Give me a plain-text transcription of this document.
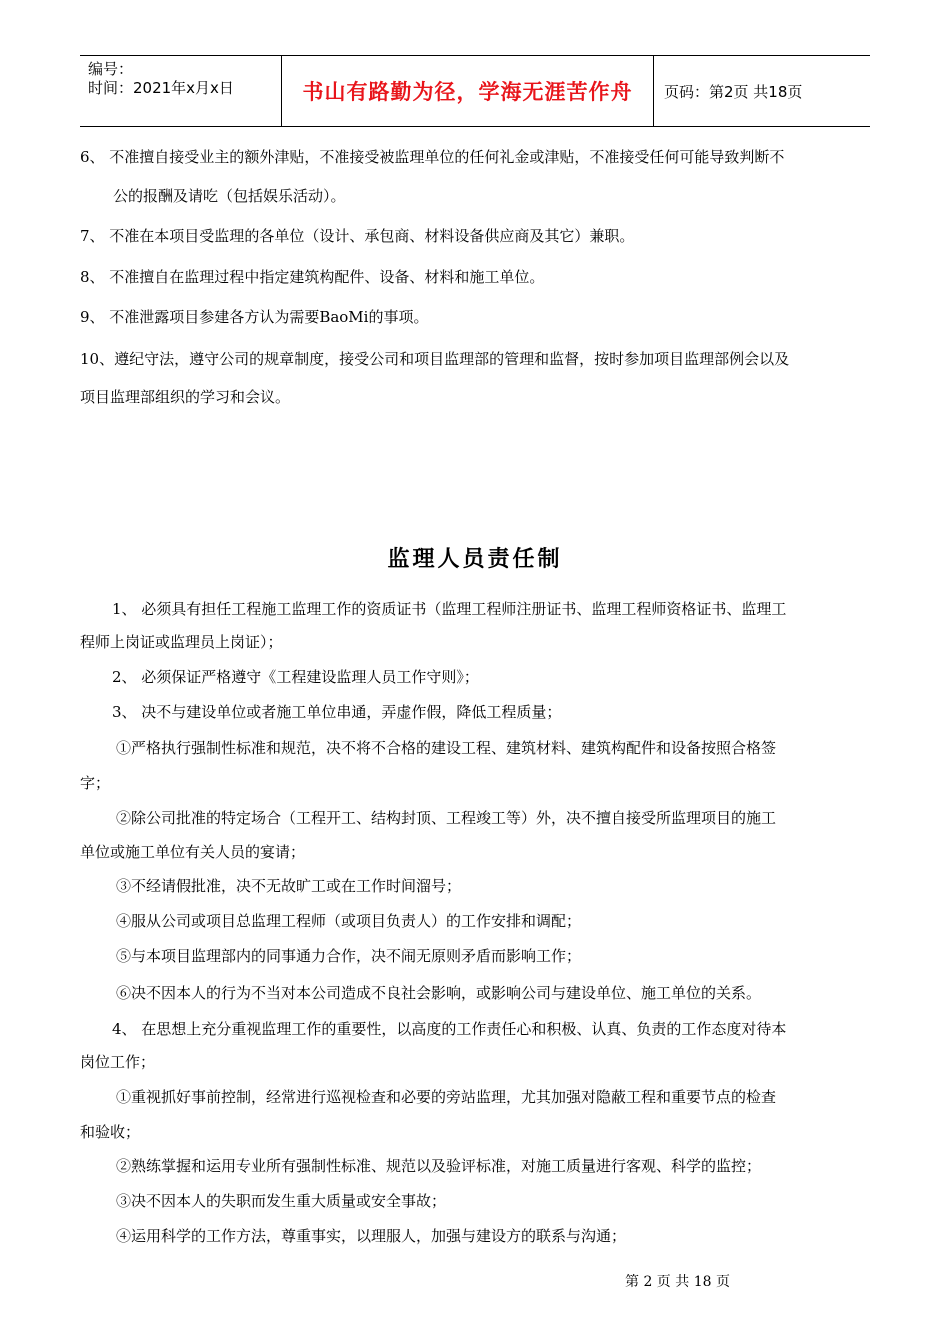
编号：
时间：2021年x月x日	书山有路勤为径，学海无涯苦作舟	页码：第2页 共18页
6、 不准擅自接受业主的额外津贴，不准接受被监理单位的任何礼金或津贴，不准接受任何可能导致判断不
公的报酬及请吃（包括娱乐活动）。
7、 不准在本项目受监理的各单位（设计、承包商、材料设备供应商及其它）兼职。
8、 不准擅自在监理过程中指定建筑构配件、设备、材料和施工单位。
9、 不准泄露项目参建各方认为需要BaoMi的事项。
10、遵纪守法，遵守公司的规章制度，接受公司和项目监理部的管理和监督，按时参加项目监理部例会以及
项目监理部组织的学习和会议。
监理人员责任制
1、 必须具有担任工程施工监理工作的资质证书（监理工程师注册证书、监理工程师资格证书、监理工
程师上岗证或监理员上岗证）；
2、 必须保证严格遵守《工程建设监理人员工作守则》；
3、 决不与建设单位或者施工单位串通，弄虚作假，降低工程质量；
①严格执行强制性标准和规范，决不将不合格的建设工程、建筑材料、建筑构配件和设备按照合格签
字；
②除公司批准的特定场合（工程开工、结构封顶、工程竣工等）外，决不擅自接受所监理项目的施工
单位或施工单位有关人员的宴请；
③不经请假批准，决不无故旷工或在工作时间溜号；
④服从公司或项目总监理工程师（或项目负责人）的工作安排和调配；
⑤与本项目监理部内的同事通力合作，决不闹无原则矛盾而影响工作；
⑥决不因本人的行为不当对本公司造成不良社会影响，或影响公司与建设单位、施工单位的关系。
4、 在思想上充分重视监理工作的重要性，以高度的工作责任心和积极、认真、负责的工作态度对待本
岗位工作；
①重视抓好事前控制，经常进行巡视检查和必要的旁站监理，尤其加强对隐蔽工程和重要节点的检查
和验收；
②熟练掌握和运用专业所有强制性标准、规范以及验评标准，对施工质量进行客观、科学的监控；
③决不因本人的失职而发生重大质量或安全事故；
④运用科学的工作方法，尊重事实，以理服人，加强与建设方的联系与沟通；
第 2 页 共 18 页
